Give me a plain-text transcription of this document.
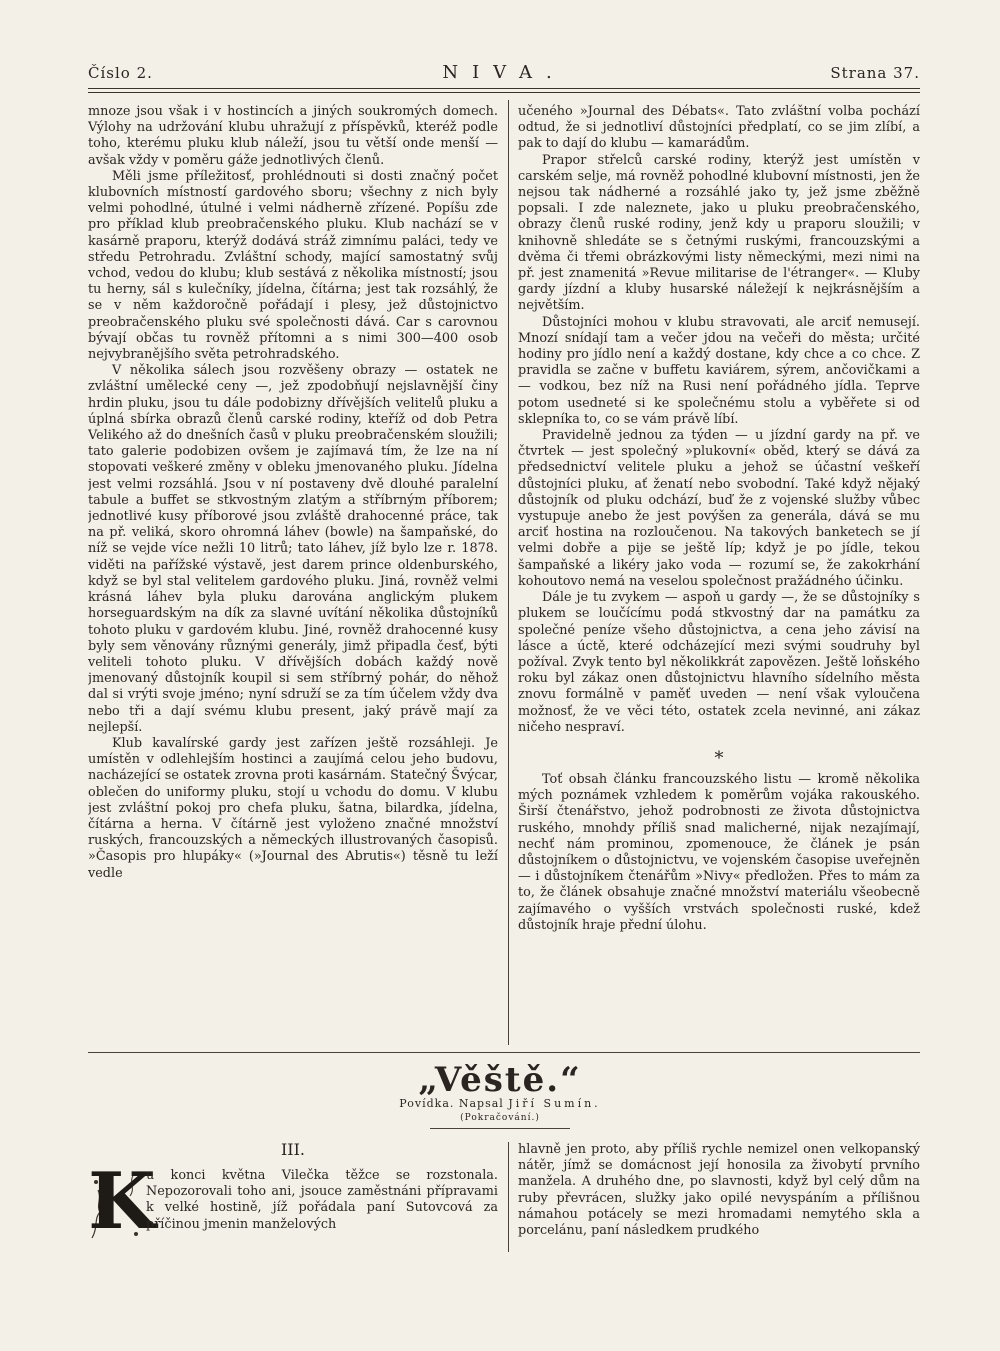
Číslo 2.	NIVA.	Strana 37.

mnoze jsou však i v hostincích a jiných soukromých domech. Výlohy na udržování klubu uhražují z příspěvků, kteréž podle toho, kterému pluku klub náleží, jsou tu větší onde menší — avšak vždy v poměru gáže jednotlivých členů.

Měli jsme příležitosť, prohlédnouti si dosti značný počet klubovních místností gardového sboru; všechny z nich byly velmi pohodlné, útulné i velmi nádherně zřízené. Popíšu zde pro příklad klub preobračenského pluku. Klub nachází se v kasárně praporu, kterýž dodává stráž zimnímu paláci, tedy ve středu Petrohradu. Zvláštní schody, mající samostatný svůj vchod, vedou do klubu; klub sestává z několika místností; jsou tu herny, sál s kulečníky, jídelna, čítárna; jest tak rozsáhlý, že se v něm každoročně pořádají i plesy, jež důstojnictvo preobračenského pluku své společnosti dává. Car s carovnou bývají občas tu rovněž přítomni a s nimi 300—400 osob nejvybranějšího světa petrohradského.

V několika sálech jsou rozvěšeny obrazy — ostatek ne zvláštní umělecké ceny —, jež zpodobňují nejslavnější činy hrdin pluku, jsou tu dále podobizny dřívějších velitelů pluku a úplná sbírka obrazů členů carské rodiny, kteříž od dob Petra Velikého až do dnešních časů v pluku preobračenském sloužili; tato galerie podobizen ovšem je zajímavá tím, že lze na ní stopovati veškeré změny v obleku jmenovaného pluku. Jídelna jest velmi rozsáhlá. Jsou v ní postaveny dvě dlouhé paralelní tabule a buffet se stkvostným zlatým a stříbrným příborem; jednotlivé kusy příborové jsou zvláště drahocenné práce, tak na př. veliká, skoro ohromná láhev (bowle) na šampaňské, do níž se vejde více nežli 10 litrů; tato láhev, jíž bylo lze r. 1878. viděti na pařížské výstavě, jest darem prince oldenburského, když se byl stal velitelem gardového pluku. Jiná, rovněž velmi krásná láhev byla pluku darována anglickým plukem horseguardským na dík za slavné uvítání několika důstojníků tohoto pluku v gardovém klubu. Jiné, rovněž drahocenné kusy byly sem věnovány různými generály, jimž připadla česť, býti veliteli tohoto pluku. V dřívějších dobách každý nově jmenovaný důstojník koupil si sem stříbrný pohár, do něhož dal si vrýti svoje jméno; nyní sdruží se za tím účelem vždy dva nebo tři a dají svému klubu present, jaký právě mají za nejlepší.

Klub kavalírské gardy jest zařízen ještě rozsáhleji. Je umístěn v odlehlejším hostinci a zaujímá celou jeho budovu, nacházející se ostatek zrovna proti kasárnám. Statečný Švýcar, oblečen do uniformy pluku, stojí u vchodu do domu. V klubu jest zvláštní pokoj pro chefa pluku, šatna, bilardka, jídelna, čítárna a herna. V čítárně jest vyloženo značné množství ruských, francouzských a německých illustrovaných časopisů. »Časopis pro hlupáky« (»Journal des Abrutis«) těsně tu leží vedle

učeného »Journal des Débats«. Tato zvláštní volba pochází odtud, že si jednotliví důstojníci předplatí, co se jim zlíbí, a pak to dají do klubu — kamarádům.

Prapor střelců carské rodiny, kterýž jest umístěn v carském selje, má rovněž pohodlné klubovní místnosti, jen že nejsou tak nádherné a rozsáhlé jako ty, jež jsme zběžně popsali. I zde naleznete, jako u pluku preobračenského, obrazy členů ruské rodiny, jenž kdy u praporu sloužili; v knihovně shledáte se s četnými ruskými, francouzskými a dvěma či třemi obrázkovými listy německými, mezi nimi na př. jest znamenitá »Revue militarise de l'étranger«. — Kluby gardy jízdní a kluby husarské náležejí k nejkrásnějším a největším.

Důstojníci mohou v klubu stravovati, ale arciť nemusejí. Mnozí snídají tam a večer jdou na večeři do města; určité hodiny pro jídlo není a každý dostane, kdy chce a co chce. Z pravidla se začne v buffetu kaviárem, sýrem, ančovičkami a — vodkou, bez níž na Rusi není pořádného jídla. Teprve potom usedneté si ke společnému stolu a vyběřete si od sklepníka to, co se vám právě líbí.

Pravidelně jednou za týden — u jízdní gardy na př. ve čtvrtek — jest společný »plukovní« oběd, který se dává za předsednictví velitele pluku a jehož se účastní veškeří důstojníci pluku, ať ženatí nebo svobodní. Také když nějaký důstojník od pluku odchází, buď že z vojenské služby vůbec vystupuje anebo že jest povýšen za generála, dává se mu arciť hostina na rozloučenou. Na takových banketech se jí velmi dobře a pije se ještě líp; když je po jídle, tekou šampaňské a likéry jako voda — rozumí se, že zakokrhání kohoutovo nemá na veselou společnost pražádného účinku.

Dále je tu zvykem — aspoň u gardy —, že se důstojníky s plukem se loučícímu podá stkvostný dar na památku za společné peníze všeho důstojnictva, a cena jeho závisí na lásce a úctě, které odcházející mezi svými soudruhy byl požíval. Zvyk tento byl několikkrát zapovězen. Ještě loňského roku byl zákaz onen důstojnictvu hlavního sídelního města znovu formálně v paměť uveden — není však vyloučena možnosť, že ve věci této, ostatek zcela nevinné, ani zákaz ničeho nespraví.

*

Toť obsah článku francouzského listu — kromě několika mých poznámek vzhledem k poměrům vojáka rakouského. Širší čtenářstvo, jehož podrobnosti ze života důstojnictva ruského, mnohdy příliš snad malicherné, nijak nezajímají, nechť nám prominou, zpomenouce, že článek je psán důstojníkem o důstojnictvu, ve vojenském časopise uveřejněn — i důstojníkem čtenářům »Nivy« předložen. Přes to mám za to, že článek obsahuje značné množství materiálu všeobecně zajímavého o vyšších vrstvách společnosti ruské, kdež důstojník hraje přední úlohu.

„Věště.“
Povídka. Napsal Jiří Sumín.
(Pokračování.)
III.
K

u konci května Vilečka těžce se rozstonala. Nepozorovali toho ani, jsouce zaměstnáni přípravami k velké hostině, jíž pořádala paní Sutovcová za příčinou jmenin manželových

hlavně jen proto, aby příliš rychle nemizel onen velkopanský nátěr, jímž se domácnost její honosila za živobytí prvního manžela. A druhého dne, po slavnosti, když byl celý dům na ruby převrácen, služky jako opilé nevyspáním a přílišnou námahou potácely se mezi hromadami nemytého skla a porcelánu, paní následkem prudkého
